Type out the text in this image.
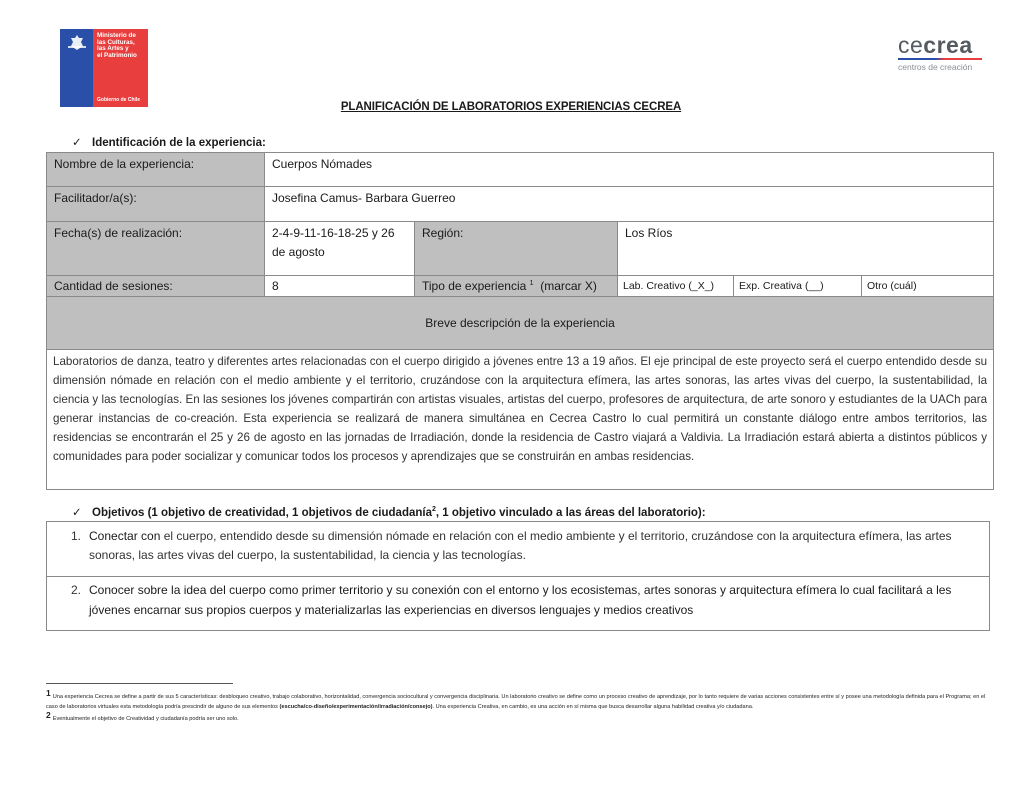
Ministerio de
las Culturas,
las Artes y
el Patrimonio
Gobierno de Chile
cecrea
centros de creación
PLANIFICACIÓN DE LABORATORIOS EXPERIENCIAS CECREA
✓ Identificación de la experiencia:
Nombre de la experiencia:	Cuerpos Nómades				
Facilitador/a(s):	Josefina Camus- Barbara Guerreo				
Fecha(s) de realización:	2-4-9-11-16-18-25 y 26 de agosto	Región:	Los Ríos		
Cantidad de sesiones:	8	Tipo de experiencia $^1$ (marcar X)	Lab. Creativo (_X_)	Exp. Creativa (__)	Otro (cuál)
Breve descripción de la experiencia					
Laboratorios de danza, teatro y diferentes artes relacionadas con el cuerpo dirigido a jóvenes entre 13 a 19 años. El eje principal de este proyecto será el cuerpo entendido desde su dimensión nómade en relación con el medio ambiente y el territorio, cruzándose con la arquitectura efímera, las artes sonoras, las artes vivas del cuerpo, la sustentabilidad, la ciencia y las tecnologías. En las sesiones los jóvenes compartirán con artistas visuales, artistas del cuerpo, profesores de arquitectura, de arte sonoro y estudiantes de la UACh para generar instancias de co-creación. Esta experiencia se realizará de manera simultánea en Cecrea Castro lo cual permitirá un constante diálogo entre ambos territorios, las residencias se encontrarán el 25 y 26 de agosto en las jornadas de Irradiación, donde la residencia de Castro viajará a Valdivia. La Irradiación estará abierta a distintos públicos y comunidades para poder socializar y comunicar todos los procesos y aprendizajes que se construirán en ambas residencias.					
✓ Objetivos (1 objetivo de creatividad, 1 objetivos de ciudadanía$^2$, 1 objetivo vinculado a las áreas del laboratorio):
1. Conectar con el cuerpo, entendido desde su dimensión nómade en relación con el medio ambiente y el territorio, cruzándose con la arquitectura efímera, las artes sonoras, las artes vivas del cuerpo, la sustentabilidad, la ciencia y las tecnologías.

2. Conocer sobre la idea del cuerpo como primer territorio y su conexión con el entorno y los ecosistemas, artes sonoras y arquitectura efímera lo cual facilitará a les jóvenes encarnar sus propios cuerpos y materializarlas las experiencias en diversos lenguajes y medios creativos
1 Una experiencia Cecrea se define a partir de sus 5 características: desbloqueo creativo, trabajo colaborativo, horizontalidad, convergencia sociocultural y convergencia disciplinaria. Un laboratorio creativo se define como un proceso creativo de aprendizaje, por lo tanto requiere de varias acciones consistentes entre sí y posee una metodología definida para el Programa; en el caso de laboratorios virtuales esta metodología podría prescindir de alguno de sus elementos (escucha/co-diseño/experimentación/irradiación/consejo). Una experiencia Creativa, en cambio, es una acción en sí misma que busca desarrollar alguna habilidad creativa y/o ciudadana.
2 Eventualmente el objetivo de Creatividad y ciudadanía podría ser uno solo.
